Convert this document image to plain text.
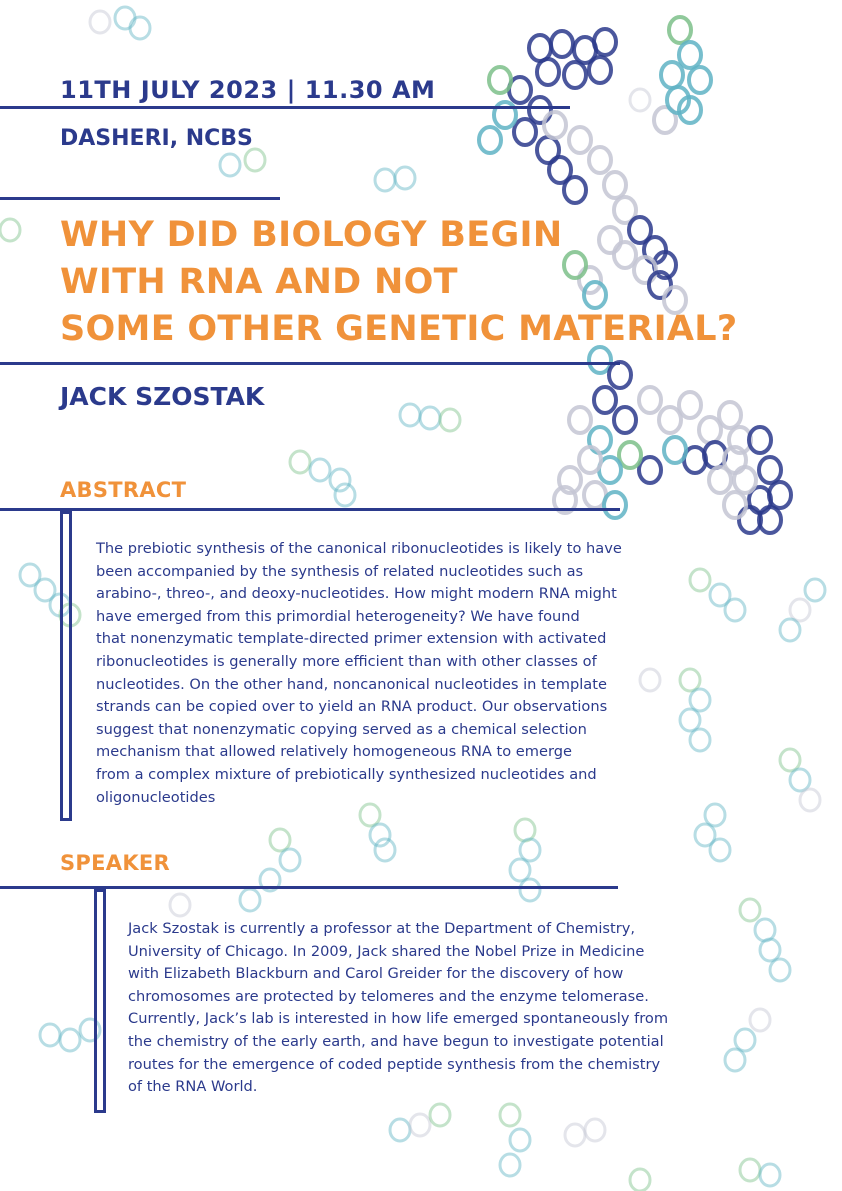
11TH JULY 2023 | 11.30 AM

DASHERI, NCBS

WHY DID BIOLOGY BEGIN
WITH RNA AND NOT
SOME OTHER GENETIC MATERIAL?

JACK SZOSTAK

ABSTRACT
The prebiotic synthesis of the canonical ribonucleotides is likely to have
been accompanied by the synthesis of related nucleotides such as
arabino-, threo-, and deoxy-nucleotides. How might modern RNA might
have emerged from this primordial heterogeneity? We have found
that nonenzymatic template-directed primer extension with activated
ribonucleotides is generally more efficient than with other classes of
nucleotides. On the other hand, noncanonical nucleotides in template
strands can be copied over to yield an RNA product. Our observations
suggest that nonenzymatic copying served as a chemical selection
mechanism that allowed relatively homogeneous RNA to emerge
from a complex mixture of prebiotically synthesized nucleotides and
oligonucleotides
SPEAKER
Jack Szostak is currently a professor at the Department of Chemistry,
University of Chicago. In 2009, Jack shared the Nobel Prize in Medicine
with Elizabeth Blackburn and Carol Greider for the discovery of how
chromosomes are protected by telomeres and the enzyme telomerase.
Currently, Jack’s lab is interested in how life emerged spontaneously from
the chemistry of the early earth, and have begun to investigate potential
routes for the emergence of coded peptide synthesis from the chemistry
of the RNA World.
